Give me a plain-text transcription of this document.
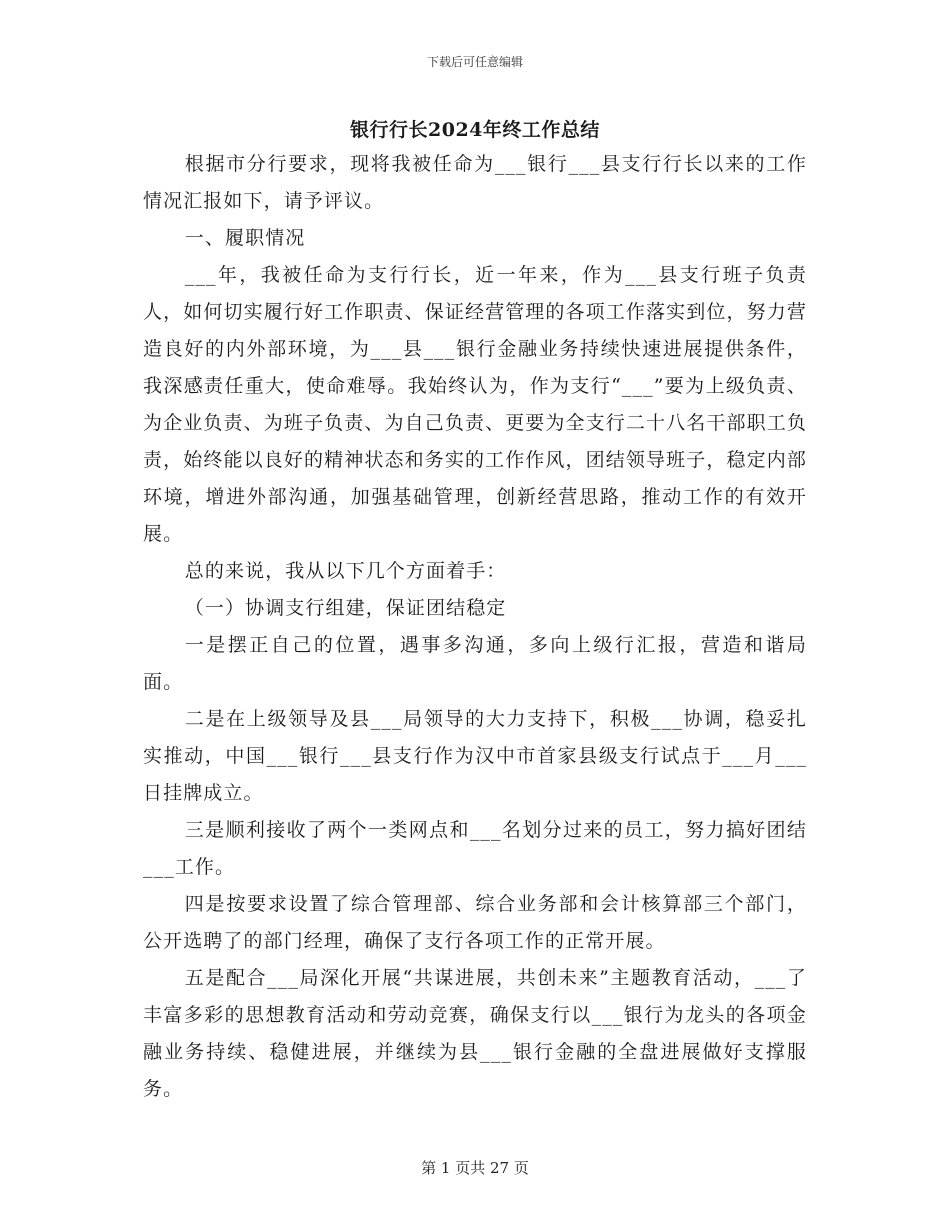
下载后可任意编辑
银行行长2024年终工作总结

根据市分行要求，现将我被任命为___银行___县支行行长以来的工作情况汇报如下，请予评议。

一、履职情况

___年，我被任命为支行行长，近一年来，作为___县支行班子负责人，如何切实履行好工作职责、保证经营管理的各项工作落实到位，努力营造良好的内外部环境，为___县___银行金融业务持续快速进展提供条件，我深感责任重大，使命难辱。我始终认为，作为支行“___”要为上级负责、为企业负责、为班子负责、为自己负责、更要为全支行二十八名干部职工负责，始终能以良好的精神状态和务实的工作作风，团结领导班子，稳定内部环境，增进外部沟通，加强基础管理，创新经营思路，推动工作的有效开展。

总的来说，我从以下几个方面着手：

（一）协调支行组建，保证团结稳定

一是摆正自己的位置，遇事多沟通，多向上级行汇报，营造和谐局面。

二是在上级领导及县___局领导的大力支持下，积极___协调，稳妥扎实推动，中国___银行___县支行作为汉中市首家县级支行试点于___月___日挂牌成立。

三是顺利接收了两个一类网点和___名划分过来的员工，努力搞好团结___工作。

四是按要求设置了综合管理部、综合业务部和会计核算部三个部门，公开选聘了的部门经理，确保了支行各项工作的正常开展。

五是配合___局深化开展“共谋进展，共创未来”主题教育活动，___了丰富多彩的思想教育活动和劳动竞赛，确保支行以___银行为龙头的各项金融业务持续、稳健进展，并继续为县___银行金融的全盘进展做好支撑服务。

第 1 页共 27 页
